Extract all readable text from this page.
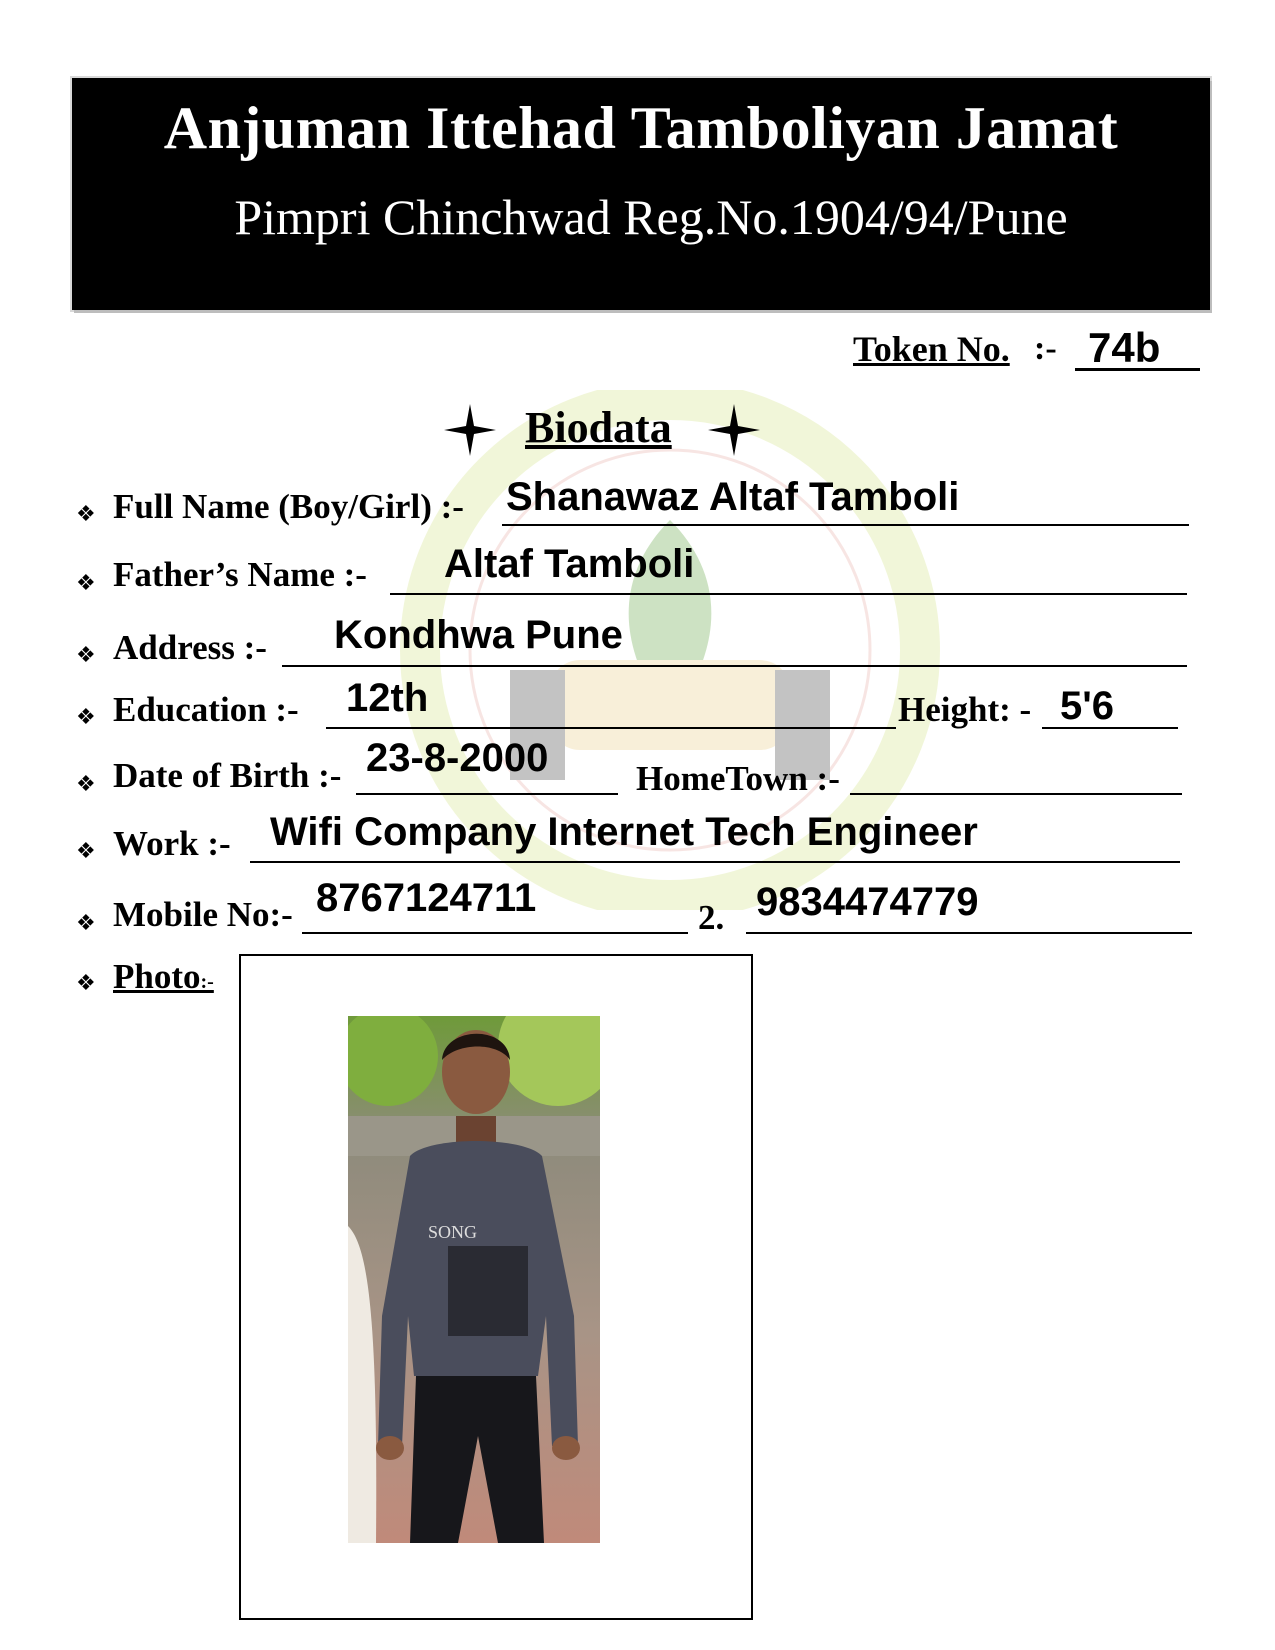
Anjuman Ittehad Tamboliyan Jamat
Pimpri Chinchwad Reg.No.1904/94/Pune
Token No. :- 74b
Biodata
❖ Full Name (Boy/Girl) :- Shanawaz Altaf Tamboli
❖ Father’s Name :- Altaf Tamboli
❖ Address :- Kondhwa Pune
❖ Education :- 12th	Height: - 5'6
❖ Date of Birth :- 23-8-2000	HomeTown :-
❖ Work :- Wifi Company Internet Tech Engineer
❖ Mobile No:- 8767124711	2. 9834474779
❖ Photo:-
SONG
